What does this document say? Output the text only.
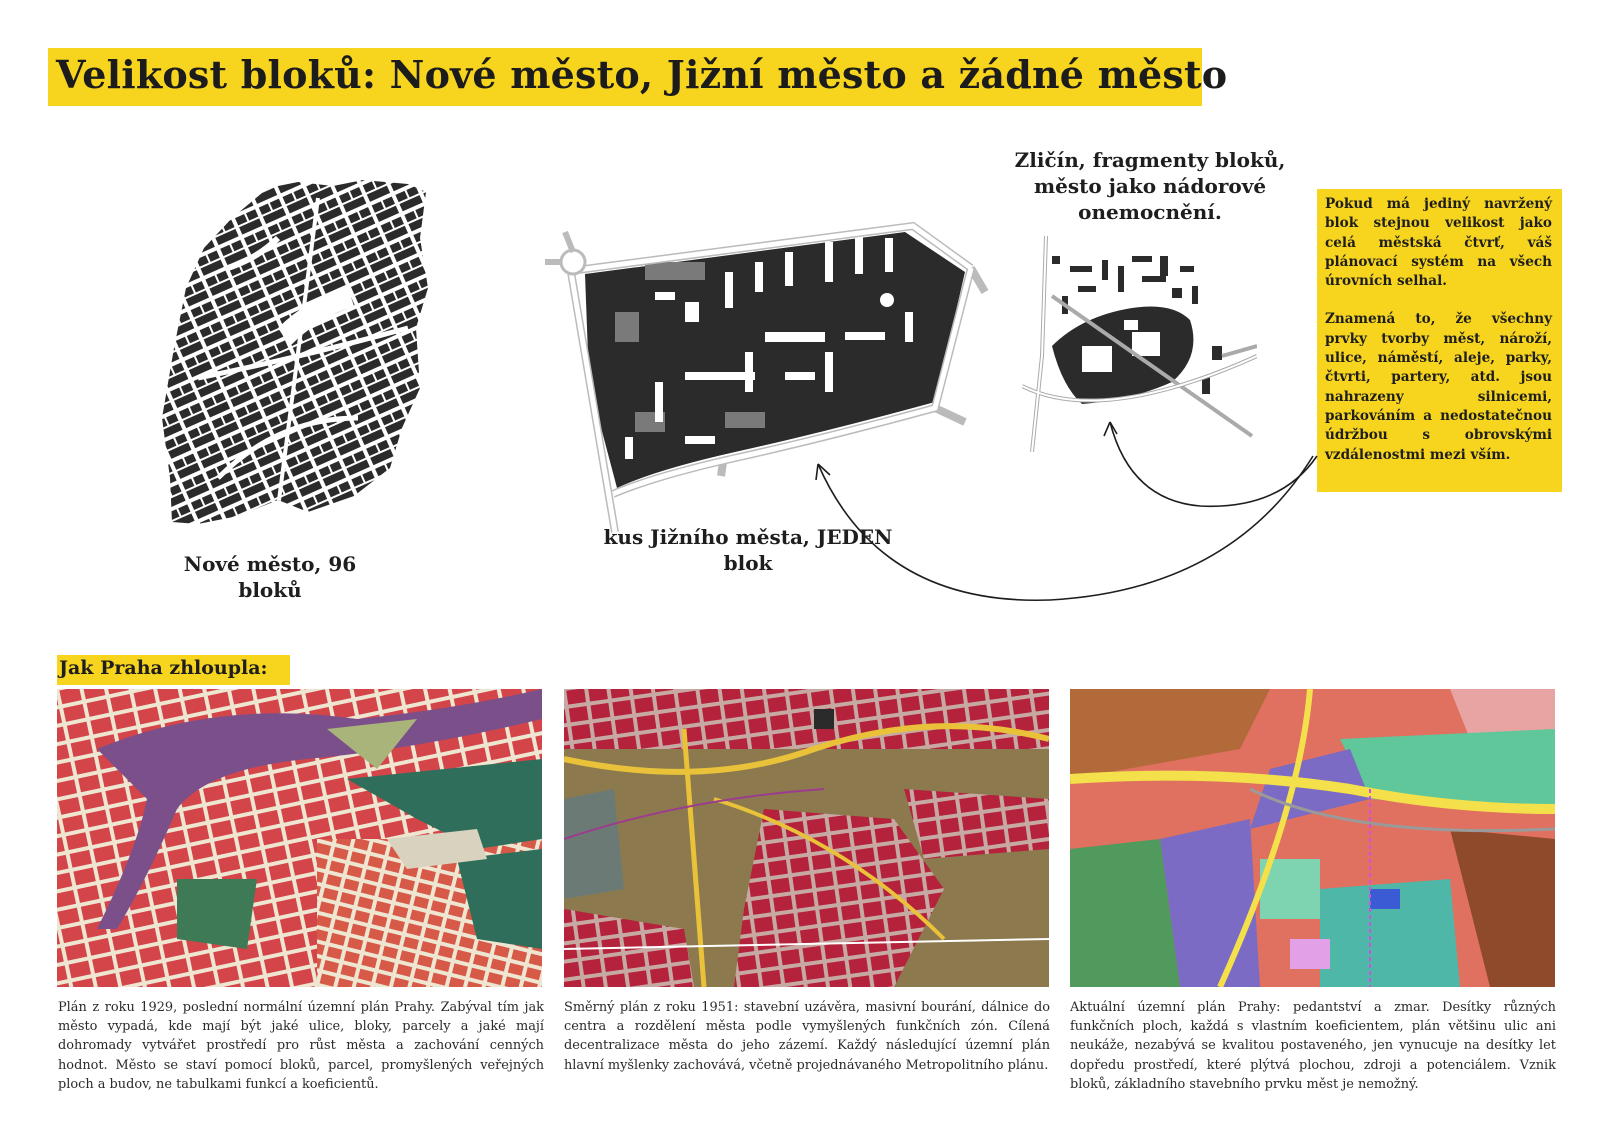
Velikost bloků: Nové město, Jižní město a žádné město
Nové město, 96 bloků
kus Jižního města, JEDEN blok
Zličín, fragmenty bloků, město jako nádorové onemocnění.	Pokud má jediný navržený blok stejnou velikost jako celá městská čtvrť, váš plánovací systém na všech úrovních selhal.

Znamená to, že všechny prvky tvorby měst, nároží, ulice, náměstí, aleje, parky, čtvrti, partery, atd. jsou nahrazeny silnicemi, parkováním a nedostatečnou údržbou s obrovskými vzdálenostmi mezi vším.

Jak Praha zhloupla:

Plán z roku 1929, poslední normální územní plán Prahy. Zabýval tím jak město vypadá, kde mají být jaké ulice, bloky, parcely a jaké mají dohromady vytvářet prostředí pro růst města a zachování cenných hodnot. Město se staví pomocí bloků, parcel, promyšlených veřejných ploch a budov, ne tabulkami funkcí a koeficientů.

Směrný plán z roku 1951: stavební uzávěra, masivní bourání, dálnice do centra a rozdělení města podle vymyšlených funkčních zón. Cílená decentralizace města do jeho zázemí. Každý následující územní plán hlavní myšlenky zachovává, včetně projednávaného Metropolitního plánu.

Aktuální územní plán Prahy: pedantství a zmar. Desítky různých funkčních ploch, každá s vlastním koeficientem, plán většinu ulic ani neukáže, nezabývá se kvalitou postaveného, jen vynucuje na desítky let dopředu prostředí, které plýtvá plochou, zdroji a potenciálem. Vznik bloků, základního stavebního prvku měst je nemožný.
